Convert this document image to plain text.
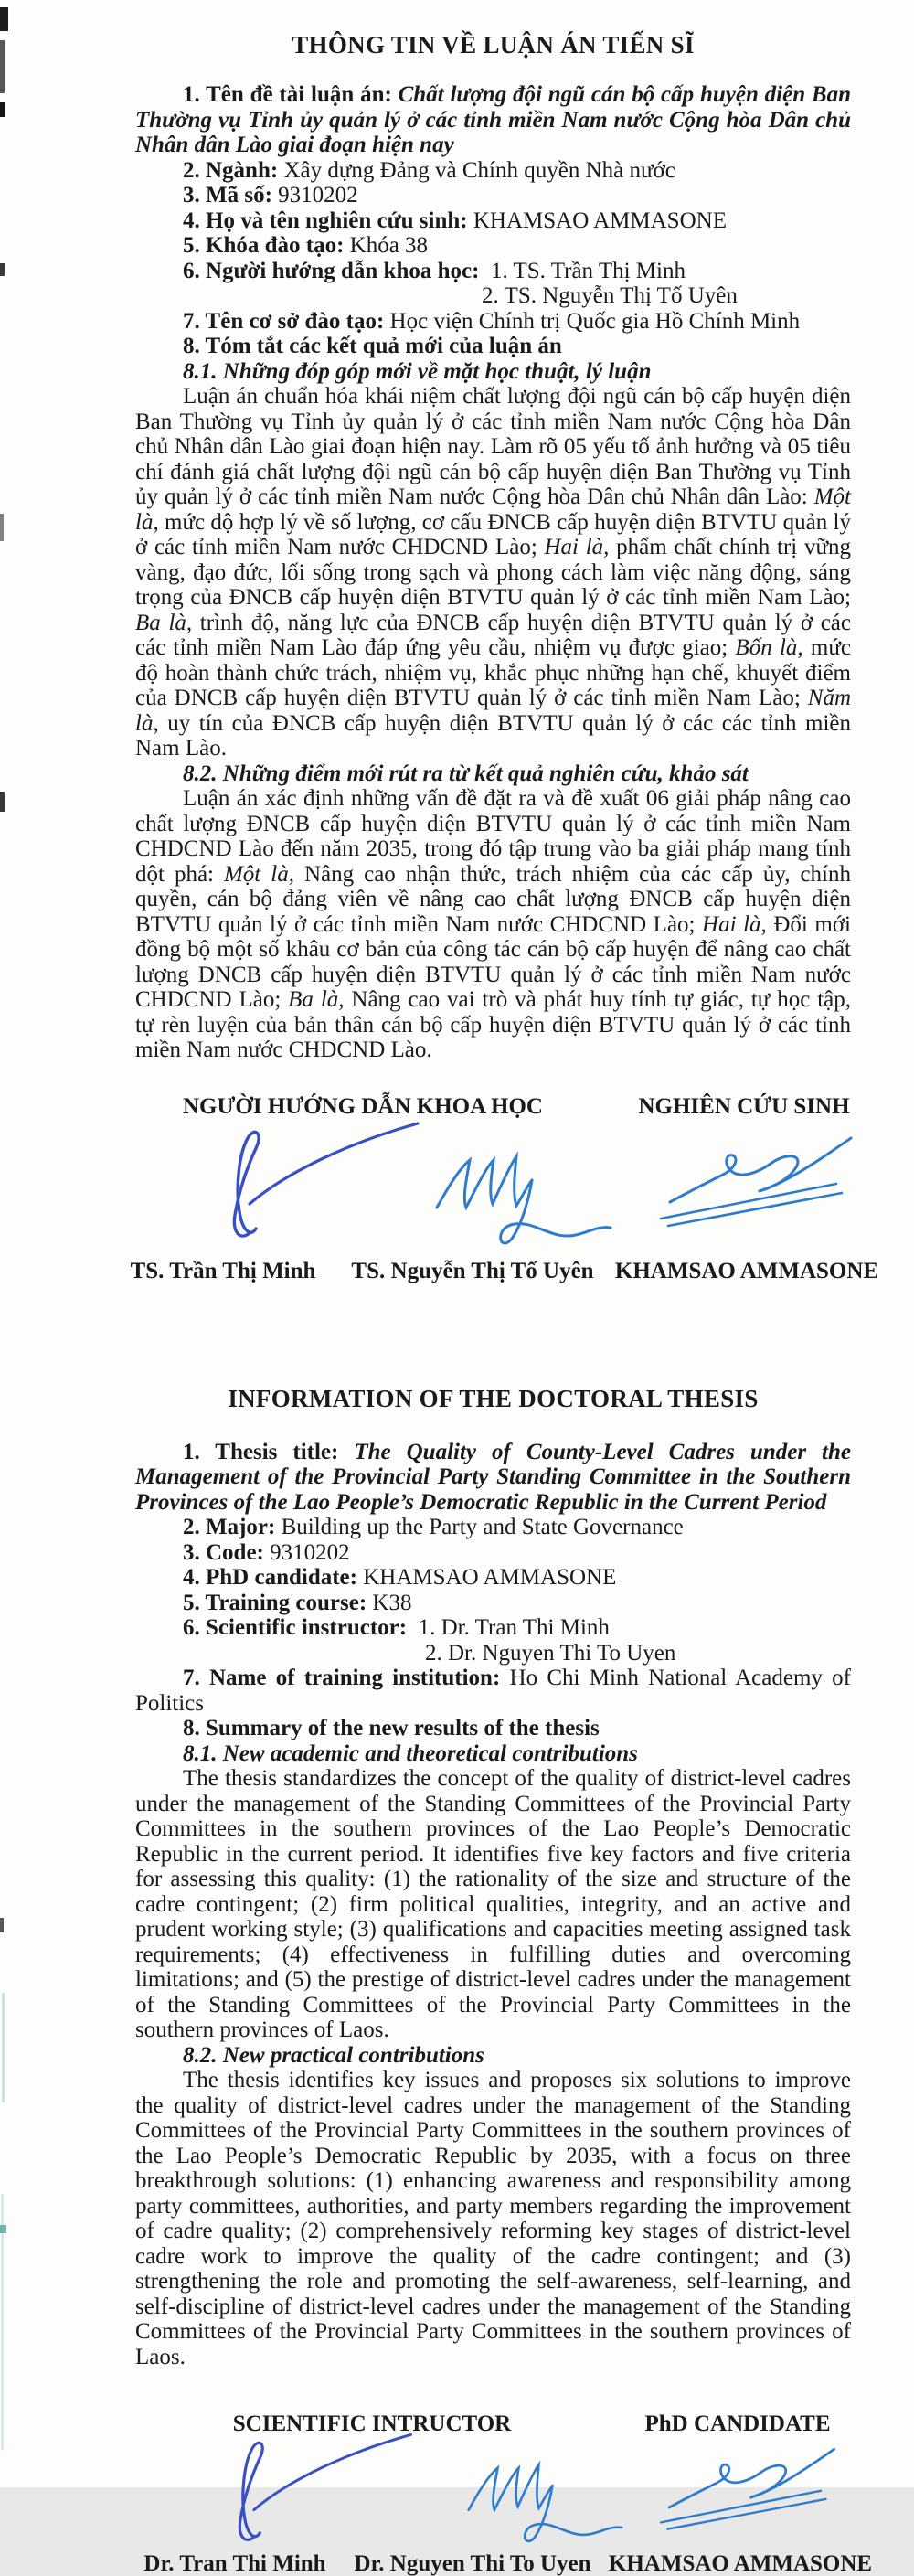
THÔNG TIN VỀ LUẬN ÁN TIẾN SĨ

1. Tên đề tài luận án: Chất lượng đội ngũ cán bộ cấp huyện diện Ban Thường vụ Tỉnh ủy quản lý ở các tỉnh miền Nam nước Cộng hòa Dân chủ Nhân dân Lào giai đoạn hiện nay

2. Ngành: Xây dựng Đảng và Chính quyền Nhà nước

3. Mã số: 9310202

4. Họ và tên nghiên cứu sinh: KHAMSAO AMMASONE

5. Khóa đào tạo: Khóa 38

6. Người hướng dẫn khoa học:  1. TS. Trần Thị Minh

2. TS. Nguyễn Thị Tố Uyên

7. Tên cơ sở đào tạo: Học viện Chính trị Quốc gia Hồ Chính Minh

8. Tóm tắt các kết quả mới của luận án

8.1. Những đóp góp mới về mặt học thuật, lý luận

Luận án chuẩn hóa khái niệm chất lượng đội ngũ cán bộ cấp huyện diện Ban Thường vụ Tỉnh ủy quản lý ở các tỉnh miền Nam nước Cộng hòa Dân chủ Nhân dân Lào giai đoạn hiện nay. Làm rõ 05 yếu tố ảnh hưởng và 05 tiêu chí đánh giá chất lượng đội ngũ cán bộ cấp huyện diện Ban Thường vụ Tỉnh ủy quản lý ở các tỉnh miền Nam nước Cộng hòa Dân chủ Nhân dân Lào: Một là, mức độ hợp lý về số lượng, cơ cấu ĐNCB cấp huyện diện BTVTU quản lý ở các tỉnh miền Nam nước CHDCND Lào; Hai là, phẩm chất chính trị vững vàng, đạo đức, lối sống trong sạch và phong cách làm việc năng động, sáng trọng của ĐNCB cấp huyện diện BTVTU quản lý ở các tỉnh miền Nam Lào; Ba là, trình độ, năng lực của ĐNCB cấp huyện diện BTVTU quản lý ở các các tỉnh miền Nam Lào đáp ứng yêu cầu, nhiệm vụ được giao; Bốn là, mức độ hoàn thành chức trách, nhiệm vụ, khắc phục những hạn chế, khuyết điểm của ĐNCB cấp huyện diện BTVTU quản lý ở các tỉnh miền Nam Lào; Năm là, uy tín của ĐNCB cấp huyện diện BTVTU quản lý ở các các tỉnh miền Nam Lào.

8.2. Những điểm mới rút ra từ kết quả nghiên cứu, khảo sát

Luận án xác định những vấn đề đặt ra và đề xuất 06 giải pháp nâng cao chất lượng ĐNCB cấp huyện diện BTVTU quản lý ở các tỉnh miền Nam CHDCND Lào đến năm 2035, trong đó tập trung vào ba giải pháp mang tính đột phá: Một là, Nâng cao nhận thức, trách nhiệm của các cấp ủy, chính quyền, cán bộ đảng viên về nâng cao chất lượng ĐNCB cấp huyện diện BTVTU quản lý ở các tỉnh miền Nam nước CHDCND Lào; Hai là, Đổi mới đồng bộ một số khâu cơ bản của công tác cán bộ cấp huyện để nâng cao chất lượng ĐNCB cấp huyện diện BTVTU quản lý ở các tỉnh miền Nam nước CHDCND Lào; Ba là, Nâng cao vai trò và phát huy tính tự giác, tự học tập, tự rèn luyện của bản thân cán bộ cấp huyện diện BTVTU quản lý ở các tỉnh miền Nam nước CHDCND Lào.

NGƯỜI HƯỚNG DẪN KHOA HỌC	NGHIÊN CỨU SINH
TS. Trần Thị Minh TS. Nguyễn Thị Tố Uyên KHAMSAO AMMASONE
INFORMATION OF THE DOCTORAL THESIS

1. Thesis title: The Quality of County-Level Cadres under the Management of the Provincial Party Standing Committee in the Southern Provinces of the Lao People’s Democratic Republic in the Current Period

2. Major: Building up the Party and State Governance

3. Code: 9310202

4. PhD candidate: KHAMSAO AMMASONE

5. Training course: K38

6. Scientific instructor:  1. Dr. Tran Thi Minh

2. Dr. Nguyen Thi To Uyen

7. Name of training institution: Ho Chi Minh National Academy of Politics

8. Summary of the new results of the thesis

8.1. New academic and theoretical contributions

The thesis standardizes the concept of the quality of district-level cadres under the management of the Standing Committees of the Provincial Party Committees in the southern provinces of the Lao People’s Democratic Republic in the current period. It identifies five key factors and five criteria for assessing this quality: (1) the rationality of the size and structure of the cadre contingent; (2) firm political qualities, integrity, and an active and prudent working style; (3) qualifications and capacities meeting assigned task requirements; (4) effectiveness in fulfilling duties and overcoming limitations; and (5) the prestige of district-level cadres under the management of the Standing Committees of the Provincial Party Committees in the southern provinces of Laos.

8.2. New practical contributions

The thesis identifies key issues and proposes six solutions to improve the quality of district-level cadres under the management of the Standing Committees of the Provincial Party Committees in the southern provinces of the Lao People’s Democratic Republic by 2035, with a focus on three breakthrough solutions: (1) enhancing awareness and responsibility among party committees, authorities, and party members regarding the improvement of cadre quality; (2) comprehensively reforming key stages of district-level cadre work to improve the quality of the cadre contingent; and (3) strengthening the role and promoting the self-awareness, self-learning, and self-discipline of district-level cadres under the management of the Standing Committees of the Provincial Party Committees in the southern provinces of Laos.

SCIENTIFIC INTRUCTOR	PhD CANDIDATE
Dr. Tran Thi Minh Dr. Nguyen Thi To Uyen KHAMSAO AMMASONE
